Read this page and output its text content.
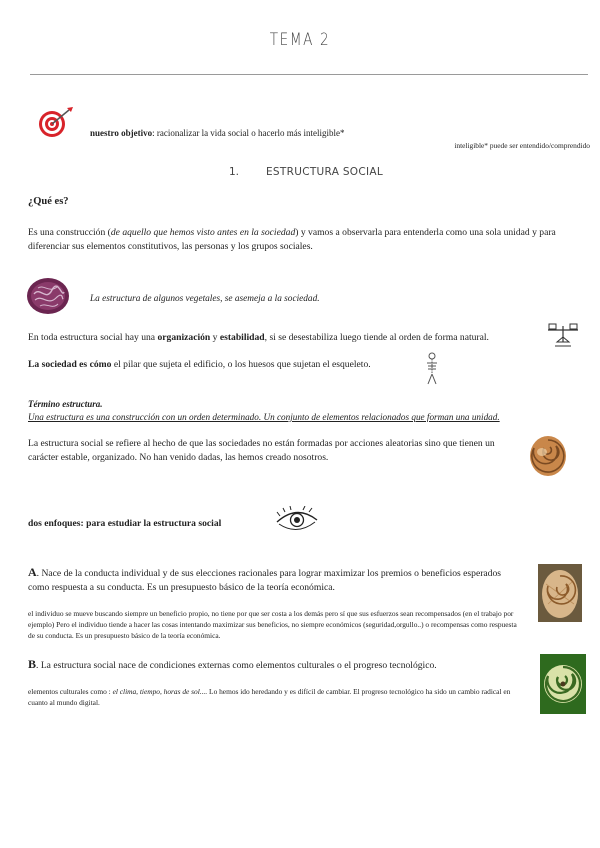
TEMA 2
nuestro objetivo: racionalizar la vida social o hacerlo más inteligible*
inteligible* puede ser entendido/comprendido
1.	ESTRUCTURA SOCIAL
¿Qué es?
Es una construcción (de aquello que hemos visto antes en la sociedad) y vamos a observarla para entenderla como una sola unidad y para diferenciar sus elementos constitutivos, las personas y los grupos sociales.
La estructura de algunos vegetales, se asemeja a la sociedad.
En toda estructura social hay una organización y estabilidad, si se desestabiliza luego tiende al orden de forma natural.
La sociedad es cómo el pilar que sujeta el edificio, o los huesos que sujetan el esqueleto.
Término estructura.
Una estructura es una construcción con un orden determinado. Un conjunto de elementos relacionados que forman una unidad.
La estructura social se refiere al hecho de que las sociedades no están formadas por acciones aleatorias sino que tienen un carácter estable, organizado. No han venido dadas, las hemos creado nosotros.
dos enfoques: para estudiar la estructura social
A. Nace de la conducta individual y de sus elecciones racionales para lograr maximizar los premios o beneficios esperados como respuesta a su conducta. Es un presupuesto básico de la teoría económica.
el individuo se mueve buscando siempre un beneficio propio, no tiene por que ser costa a los demás pero sí que sus esfuerzos sean recompensados (en el trabajo por ejemplo) Pero el individuo tiende a hacer las cosas intentando maximizar sus beneficios, no siempre económicos (seguridad,orgullo..) o recompensas como respuesta de su conducta. Es un presupuesto básico de la teoría económica.
B. La estructura social nace de condiciones externas como elementos culturales o el progreso tecnológico.
elementos culturales como : el clima, tiempo, horas de sol.... Lo hemos ido heredando y es difícil de cambiar. El progreso tecnológico ha sido un cambio radical en cuanto al mundo digital.
